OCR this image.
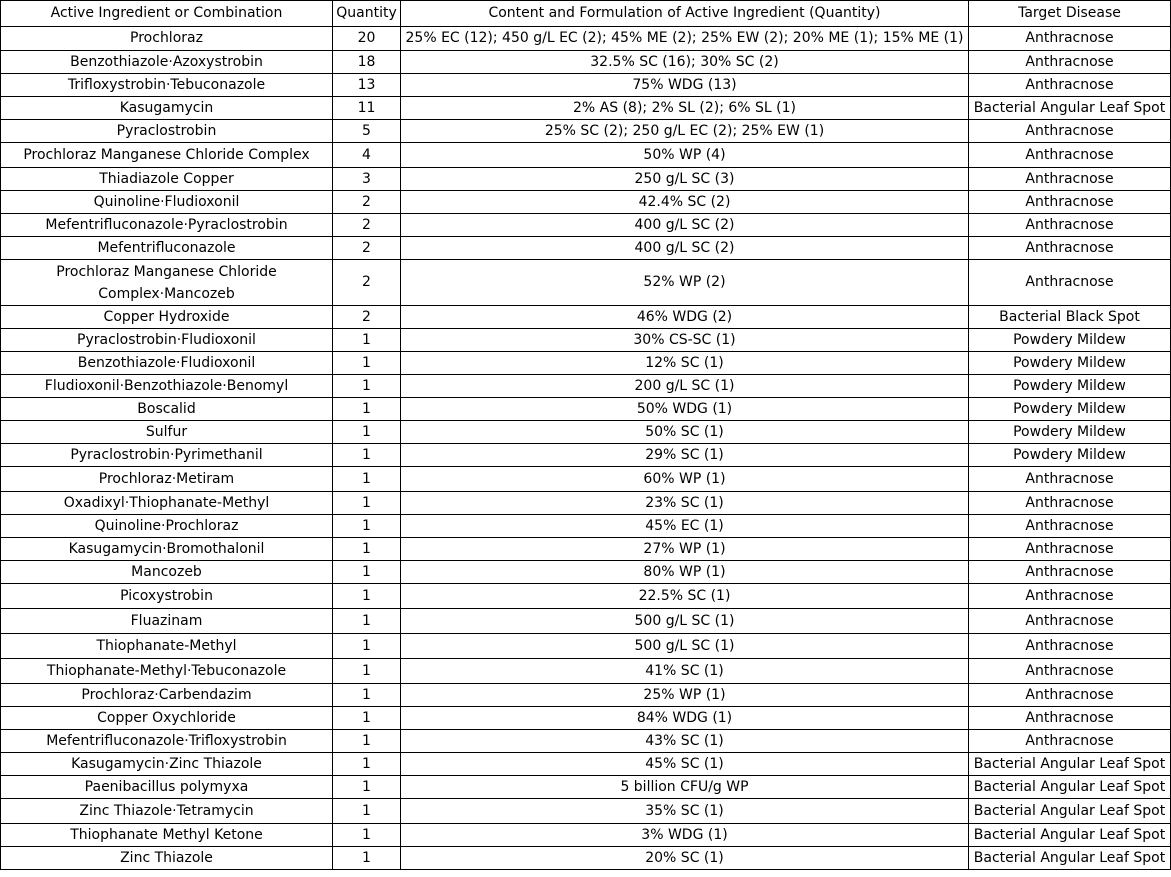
Active Ingredient or Combination	Quantity	Content and Formulation of Active Ingredient (Quantity)	Target Disease
Prochloraz	20	25% EC (12); 450 g/L EC (2); 45% ME (2); 25% EW (2); 20% ME (1); 15% ME (1)	Anthracnose
Benzothiazole·Azoxystrobin	18	32.5% SC (16); 30% SC (2)	Anthracnose
Trifloxystrobin·Tebuconazole	13	75% WDG (13)	Anthracnose
Kasugamycin	11	2% AS (8); 2% SL (2); 6% SL (1)	Bacterial Angular Leaf Spot
Pyraclostrobin	5	25% SC (2); 250 g/L EC (2); 25% EW (1)	Anthracnose
Prochloraz Manganese Chloride Complex	4	50% WP (4)	Anthracnose
Thiadiazole Copper	3	250 g/L SC (3)	Anthracnose
Quinoline·Fludioxonil	2	42.4% SC (2)	Anthracnose
Mefentrifluconazole·Pyraclostrobin	2	400 g/L SC (2)	Anthracnose
Mefentrifluconazole	2	400 g/L SC (2)	Anthracnose
Prochloraz Manganese Chloride Complex·Mancozeb	2	52% WP (2)	Anthracnose
Copper Hydroxide	2	46% WDG (2)	Bacterial Black Spot
Pyraclostrobin·Fludioxonil	1	30% CS-SC (1)	Powdery Mildew
Benzothiazole·Fludioxonil	1	12% SC (1)	Powdery Mildew
Fludioxonil·Benzothiazole·Benomyl	1	200 g/L SC (1)	Powdery Mildew
Boscalid	1	50% WDG (1)	Powdery Mildew
Sulfur	1	50% SC (1)	Powdery Mildew
Pyraclostrobin·Pyrimethanil	1	29% SC (1)	Powdery Mildew
Prochloraz·Metiram	1	60% WP (1)	Anthracnose
Oxadixyl·Thiophanate-Methyl	1	23% SC (1)	Anthracnose
Quinoline·Prochloraz	1	45% EC (1)	Anthracnose
Kasugamycin·Bromothalonil	1	27% WP (1)	Anthracnose
Mancozeb	1	80% WP (1)	Anthracnose
Picoxystrobin	1	22.5% SC (1)	Anthracnose
Fluazinam	1	500 g/L SC (1)	Anthracnose
Thiophanate-Methyl	1	500 g/L SC (1)	Anthracnose
Thiophanate-Methyl·Tebuconazole	1	41% SC (1)	Anthracnose
Prochloraz·Carbendazim	1	25% WP (1)	Anthracnose
Copper Oxychloride	1	84% WDG (1)	Anthracnose
Mefentrifluconazole·Trifloxystrobin	1	43% SC (1)	Anthracnose
Kasugamycin·Zinc Thiazole	1	45% SC (1)	Bacterial Angular Leaf Spot
Paenibacillus polymyxa	1	5 billion CFU/g WP	Bacterial Angular Leaf Spot
Zinc Thiazole·Tetramycin	1	35% SC (1)	Bacterial Angular Leaf Spot
Thiophanate Methyl Ketone	1	3% WDG (1)	Bacterial Angular Leaf Spot
Zinc Thiazole	1	20% SC (1)	Bacterial Angular Leaf Spot
